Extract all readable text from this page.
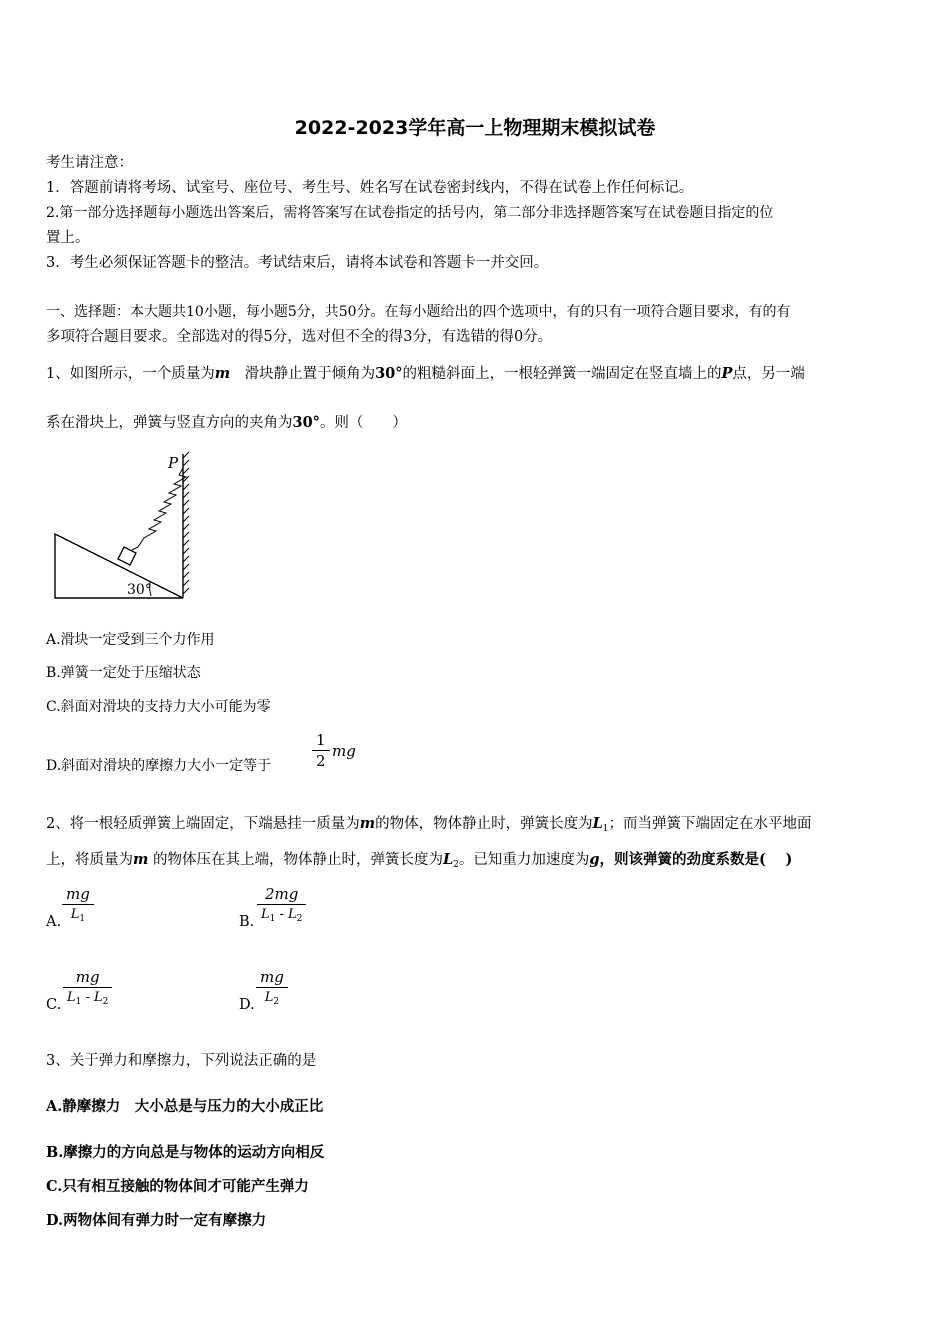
2022-2023学年高一上物理期末模拟试卷
考生请注意：
1．答题前请将考场、试室号、座位号、考生号、姓名写在试卷密封线内，不得在试卷上作任何标记。
2.第一部分选择题每小题选出答案后，需将答案写在试卷指定的括号内，第二部分非选择题答案写在试卷题目指定的位
置上。
3．考生必须保证答题卡的整洁。考试结束后，请将本试卷和答题卡一并交回。
一、选择题：本大题共10小题，每小题5分，共50分。在每小题给出的四个选项中，有的只有一项符合题目要求，有的有
多项符合题目要求。全部选对的得5分，选对但不全的得3分，有选错的得0分。
1、如图所示，一个质量为m　 滑块静止置于倾角为30°的粗糙斜面上，一根轻弹簧一端固定在竖直墙上的P点，另一端
系在滑块上，弹簧与竖直方向的夹角为30°。则（　　）
P
30°
A.滑块一定受到三个力作用
B.弹簧一定处于压缩状态
C.斜面对滑块的支持力大小可能为零
D.斜面对滑块的摩擦力大小一定等于
1
2
mg
2、将一根轻质弹簧上端固定，下端悬挂一质量为m的物体，物体静止时，弹簧长度为$L_1$；而当弹簧下端固定在水平地面
上，将质量为m 的物体压在其上端，物体静止时，弹簧长度为$L_2$。已知重力加速度为g，则该弹簧的劲度系数是(　 )
A.
mg
$L_1$	B.
2mg
$L_1 - L_2$
C.
mg
$L_1 - L_2$	D.
mg
$L_2$
3、关于弹力和摩擦力，下列说法正确的是
A.静摩擦力　大小总是与压力的大小成正比
B.摩擦力的方向总是与物体的运动方向相反
C.只有相互接触的物体间才可能产生弹力
D.两物体间有弹力时一定有摩擦力
